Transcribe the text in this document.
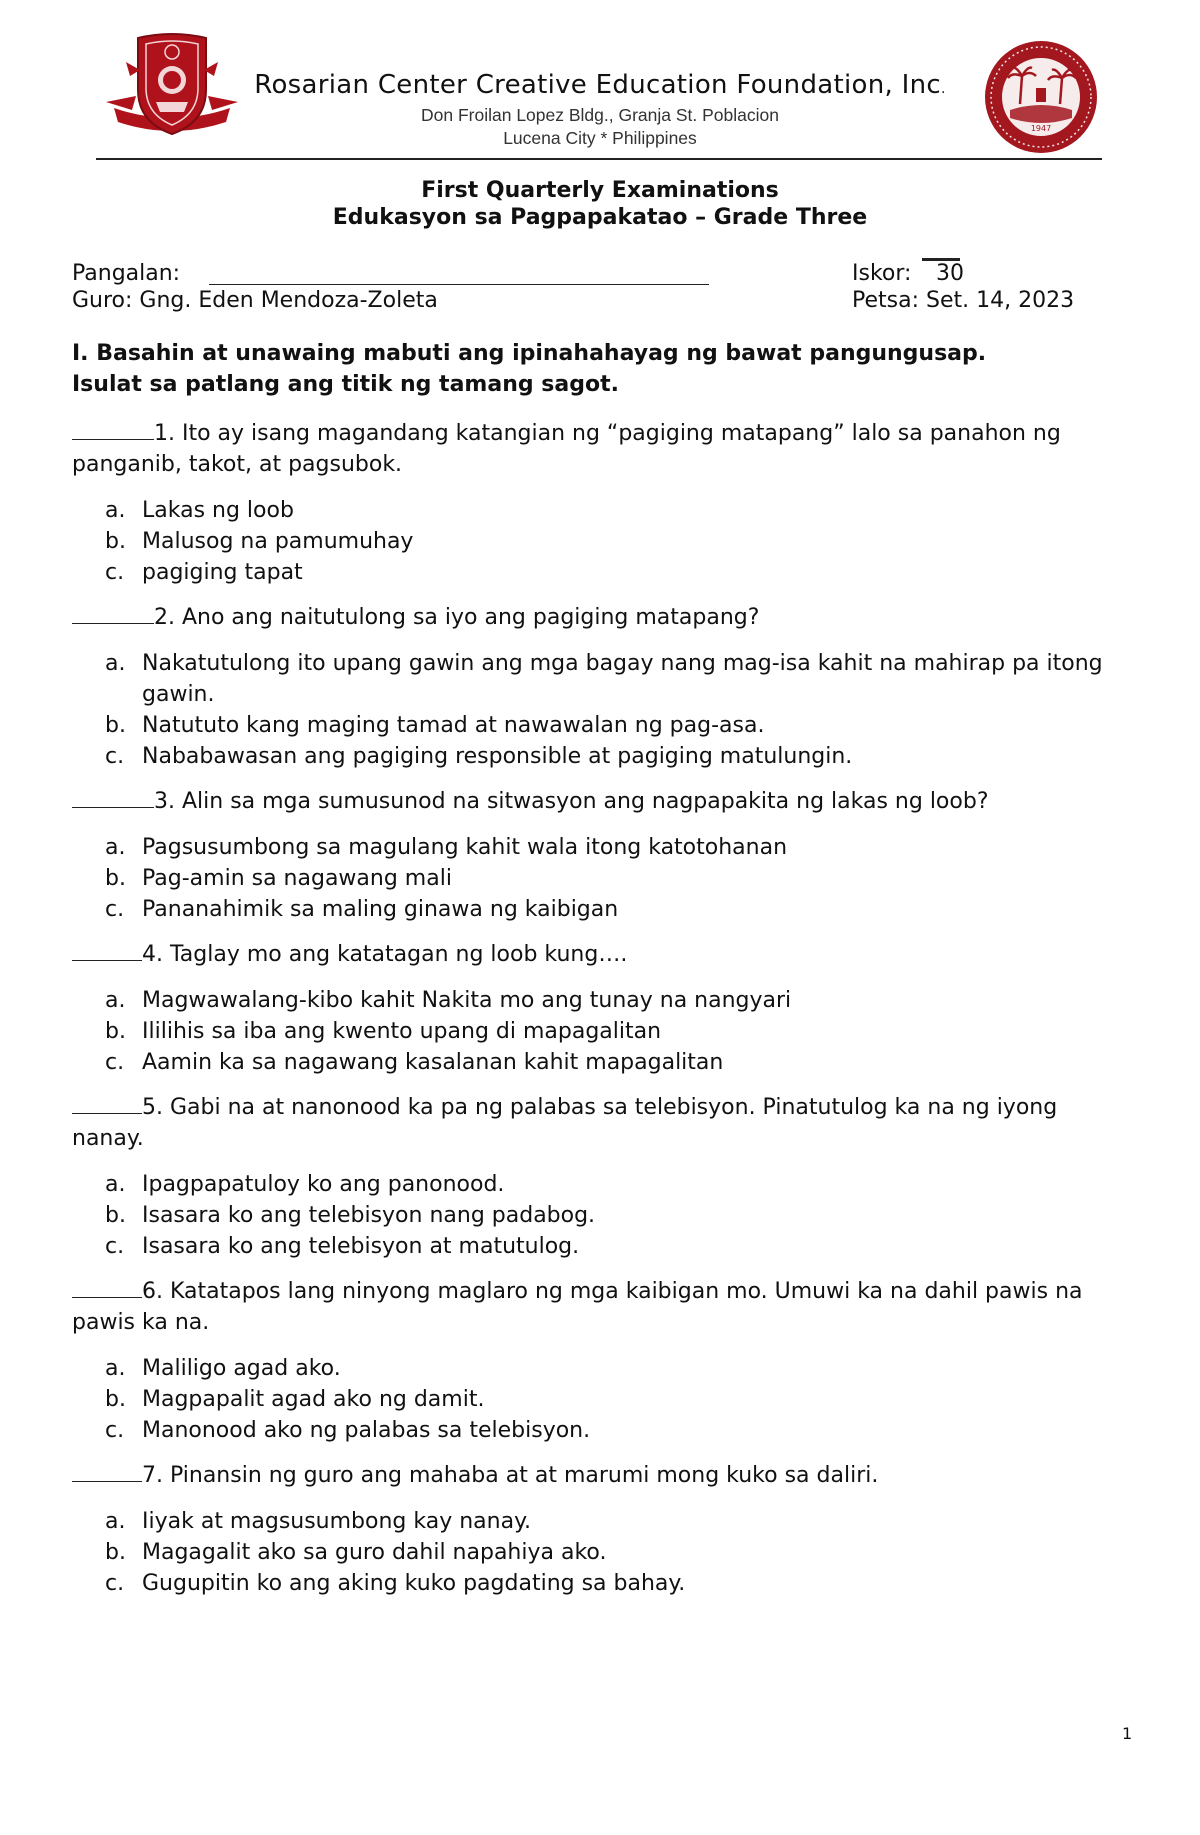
1947
Rosarian Center Creative Education Foundation, Inc.
Don Froilan Lopez Bldg., Granja St. Poblacion
Lucena City * Philippines
First Quarterly Examinations
Edukasyon sa Pagpapakatao – Grade Three
Pangalan:
Guro: Gng. Eden Mendoza-Zoleta
Iskor: 30
Petsa: Set. 14, 2023
I. Basahin at unawaing mabuti ang ipinahahayag ng bawat pangungusap.
Isulat sa patlang ang titik ng tamang sagot.

1. Ito ay isang magandang katangian ng “pagiging matapang” lalo sa panahon ng panganib, takot, at pagsubok.

a. Lakas ng loob
b. Malusog na pamumuhay
c. pagiging tapat

2. Ano ang naitutulong sa iyo ang pagiging matapang?

a. Nakatutulong ito upang gawin ang mga bagay nang mag-isa kahit na mahirap pa itong gawin.
b. Natututo kang maging tamad at nawawalan ng pag-asa.
c. Nababawasan ang pagiging responsible at pagiging matulungin.

3. Alin sa mga sumusunod na sitwasyon ang nagpapakita ng lakas ng loob?

a. Pagsusumbong sa magulang kahit wala itong katotohanan
b. Pag-amin sa nagawang mali
c. Pananahimik sa maling ginawa ng kaibigan

4. Taglay mo ang katatagan ng loob kung….

a. Magwawalang-kibo kahit Nakita mo ang tunay na nangyari
b. Ililihis sa iba ang kwento upang di mapagalitan
c. Aamin ka sa nagawang kasalanan kahit mapagalitan

5. Gabi na at nanonood ka pa ng palabas sa telebisyon. Pinatutulog ka na ng iyong nanay.

a. Ipagpapatuloy ko ang panonood.
b. Isasara ko ang telebisyon nang padabog.
c. Isasara ko ang telebisyon at matutulog.

6. Katatapos lang ninyong maglaro ng mga kaibigan mo. Umuwi ka na dahil pawis na pawis ka na.

a. Maliligo agad ako.
b. Magpapalit agad ako ng damit.
c. Manonood ako ng palabas sa telebisyon.

7. Pinansin ng guro ang mahaba at at marumi mong kuko sa daliri.

a. Iiyak at magsusumbong kay nanay.
b. Magagalit ako sa guro dahil napahiya ako.
c. Gugupitin ko ang aking kuko pagdating sa bahay.
1
